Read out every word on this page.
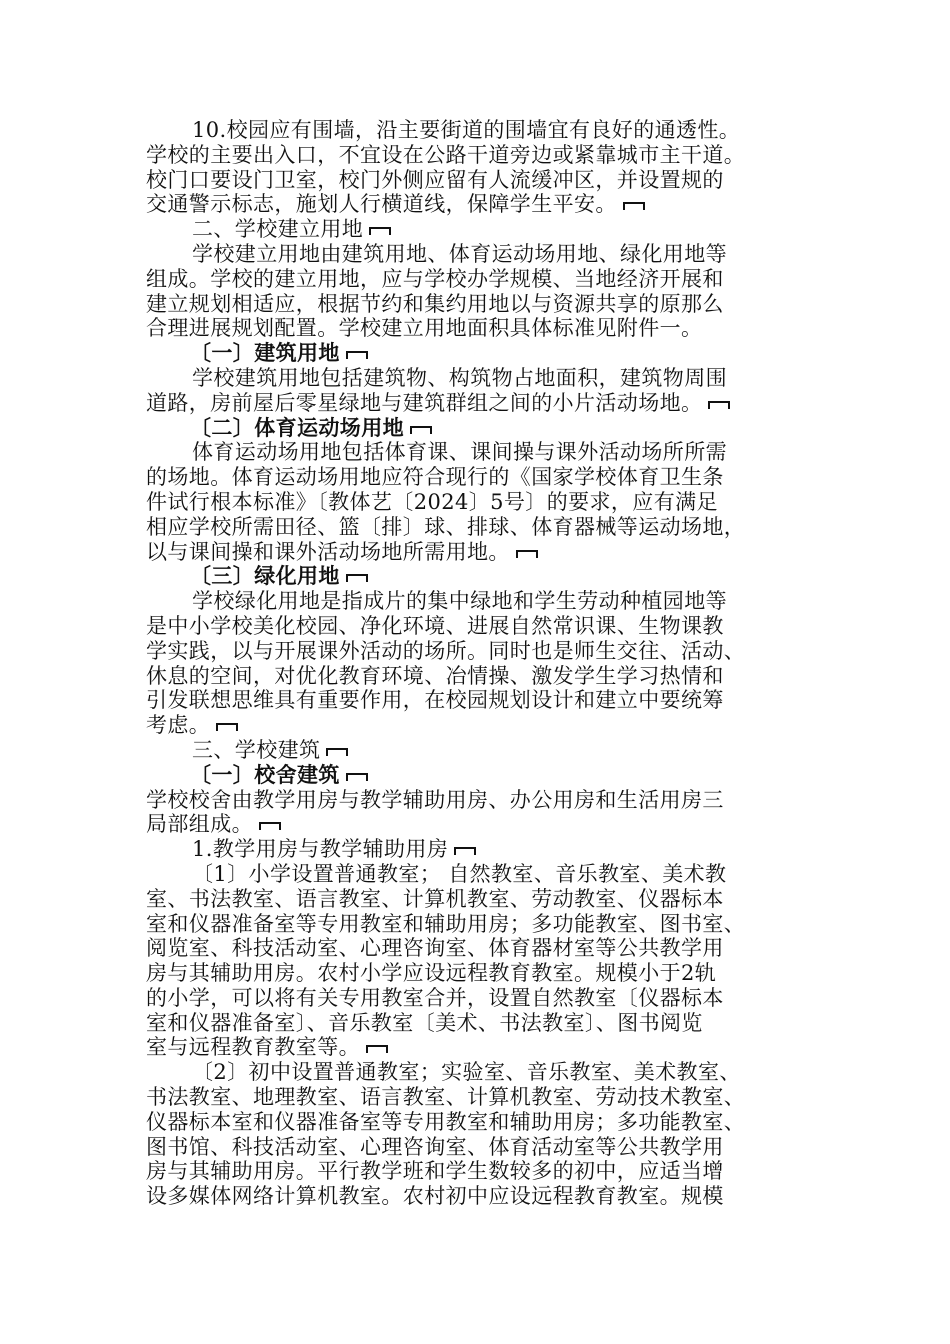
10.校园应有围墙，沿主要街道的围墙宜有良好的通透性。
学校的主要出入口，不宜设在公路干道旁边或紧靠城市主干道。
校门口要设门卫室，校门外侧应留有人流缓冲区，并设置规的
交通警示标志，施划人行横道线，保障学生平安。
二、学校建立用地
学校建立用地由建筑用地、体育运动场用地、绿化用地等
组成。学校的建立用地，应与学校办学规模、当地经济开展和
建立规划相适应，根据节约和集约用地以与资源共享的原那么
合理进展规划配置。学校建立用地面积具体标准见附件一。
〔一〕建筑用地
学校建筑用地包括建筑物、构筑物占地面积，建筑物周围
道路，房前屋后零星绿地与建筑群组之间的小片活动场地。
〔二〕体育运动场用地
体育运动场用地包括体育课、课间操与课外活动场所所需
的场地。体育运动场用地应符合现行的《国家学校体育卫生条
件试行根本标准》〔教体艺〔2024〕5号〕的要求，应有满足
相应学校所需田径、篮〔排〕球、排球、体育器械等运动场地，
以与课间操和课外活动场地所需用地。
〔三〕绿化用地
学校绿化用地是指成片的集中绿地和学生劳动种植园地等
是中小学校美化校园、净化环境、进展自然常识课、生物课教
学实践，以与开展课外活动的场所。同时也是师生交往、活动、
休息的空间，对优化教育环境、冶情操、激发学生学习热情和
引发联想思维具有重要作用，在校园规划设计和建立中要统筹
考虑。
三、学校建筑
〔一〕校舍建筑
学校校舍由教学用房与教学辅助用房、办公用房和生活用房三
局部组成。
1.教学用房与教学辅助用房
〔1〕小学设置普通教室； 自然教室、音乐教室、美术教
室、书法教室、语言教室、计算机教室、劳动教室、仪器标本
室和仪器准备室等专用教室和辅助用房；多功能教室、图书室、
阅览室、科技活动室、心理咨询室、体育器材室等公共教学用
房与其辅助用房。农村小学应设远程教育教室。规模小于2轨
的小学，可以将有关专用教室合并，设置自然教室〔仪器标本
室和仪器准备室〕、音乐教室〔美术、书法教室〕、图书阅览
室与远程教育教室等。
〔2〕初中设置普通教室；实验室、音乐教室、美术教室、
书法教室、地理教室、语言教室、计算机教室、劳动技术教室、
仪器标本室和仪器准备室等专用教室和辅助用房；多功能教室、
图书馆、科技活动室、心理咨询室、体育活动室等公共教学用
房与其辅助用房。平行教学班和学生数较多的初中，应适当增
设多媒体网络计算机教室。农村初中应设远程教育教室。规模
